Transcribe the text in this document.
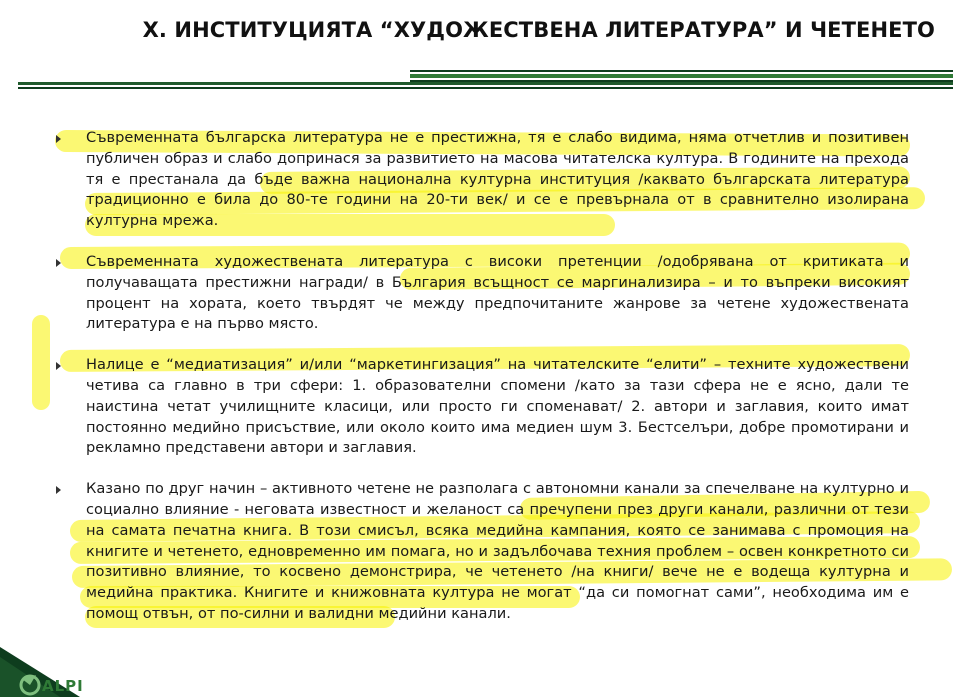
Х. ИНСТИТУЦИЯТА “ХУДОЖЕСТВЕНА ЛИТЕРАТУРА” И ЧЕТЕНЕТО

Съвременната българска литература не е престижна, тя е слабо видима, няма отчетлив и позитивен публичен образ и слабо допринася за развитието на масова читателска култура. В годините на прехода тя е престанала да бъде важна национална културна институция /каквато българската литература традиционно е била до 80-те години на 20-ти век/ и се е превърнала от в сравнително изолирана културна мрежа.

Съвременната художествената литература с високи претенции /одобрявана от критиката и получаващата престижни награди/ в България всъщност се маргинализира – и то въпреки високият процент на хората, което твърдят че между предпочитаните жанрове за четене художествената литература е на първо място.

Налице е “медиатизация” и/или “маркетингизация” на читателските “елити” – техните художествени четива са главно в три сфери: 1. образователни спомени /като за тази сфера не е ясно, дали те наистина четат училищните класици, или просто ги споменават/ 2. автори и заглавия, които имат постоянно медийно присъствие, или около които има медиен шум 3. Бестселъри, добре промотирани и рекламно представени автори и заглавия.

Казано по друг начин – активното четене не разполага с автономни канали за спечелване на културно и социално влияние - неговата известност и желаност са пречупени през други канали, различни от тези на самата печатна книга. В този смисъл, всяка медийна кампания, която се занимава с промоция на книгите и четенето, едновременно им помага, но и задълбочава техния проблем – освен конкретното си позитивно влияние, то косвено демонстрира, че четенето /на книги/ вече не е водеща културна и медийна практика. Книгите и книжовната култура не могат “да си помогнат сами”, необходима им е помощ отвън, от по-силни и валидни медийни канали.

ALPI
